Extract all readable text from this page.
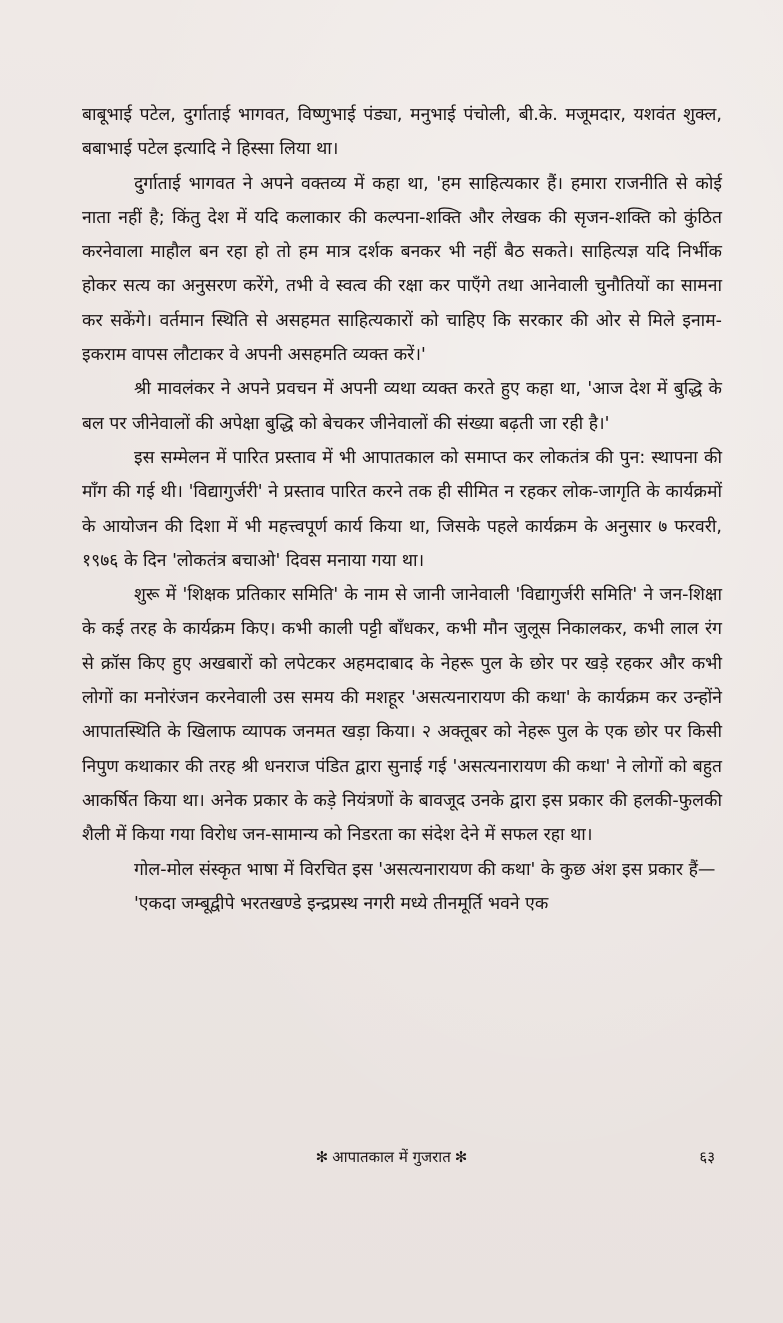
बाबूभाई पटेल, दुर्गाताई भागवत, विष्णुभाई पंड्या, मनुभाई पंचोली, बी.के. मजूमदार, यशवंत शुक्ल, बबाभाई पटेल इत्यादि ने हिस्सा लिया था।

दुर्गाताई भागवत ने अपने वक्तव्य में कहा था, 'हम साहित्यकार हैं। हमारा राजनीति से कोई नाता नहीं है; किंतु देश में यदि कलाकार की कल्पना-शक्ति और लेखक की सृजन-शक्ति को कुंठित करनेवाला माहौल बन रहा हो तो हम मात्र दर्शक बनकर भी नहीं बैठ सकते। साहित्यज्ञ यदि निर्भीक होकर सत्य का अनुसरण करेंगे, तभी वे स्वत्व की रक्षा कर पाएँगे तथा आनेवाली चुनौतियों का सामना कर सकेंगे। वर्तमान स्थिति से असहमत साहित्यकारों को चाहिए कि सरकार की ओर से मिले इनाम-इकराम वापस लौटाकर वे अपनी असहमति व्यक्त करें।'

श्री मावलंकर ने अपने प्रवचन में अपनी व्यथा व्यक्त करते हुए कहा था, 'आज देश में बुद्धि के बल पर जीनेवालों की अपेक्षा बुद्धि को बेचकर जीनेवालों की संख्या बढ़ती जा रही है।'

इस सम्मेलन में पारित प्रस्ताव में भी आपातकाल को समाप्त कर लोकतंत्र की पुन: स्थापना की माँग की गई थी। 'विद्यागुर्जरी' ने प्रस्ताव पारित करने तक ही सीमित न रहकर लोक-जागृति के कार्यक्रमों के आयोजन की दिशा में भी महत्त्वपूर्ण कार्य किया था, जिसके पहले कार्यक्रम के अनुसार ७ फरवरी, १९७६ के दिन 'लोकतंत्र बचाओ' दिवस मनाया गया था।

शुरू में 'शिक्षक प्रतिकार समिति' के नाम से जानी जानेवाली 'विद्यागुर्जरी समिति' ने जन-शिक्षा के कई तरह के कार्यक्रम किए। कभी काली पट्टी बाँधकर, कभी मौन जुलूस निकालकर, कभी लाल रंग से क्रॉस किए हुए अखबारों को लपेटकर अहमदाबाद के नेहरू पुल के छोर पर खड़े रहकर और कभी लोगों का मनोरंजन करनेवाली उस समय की मशहूर 'असत्यनारायण की कथा' के कार्यक्रम कर उन्होंने आपातस्थिति के खिलाफ व्यापक जनमत खड़ा किया। २ अक्तूबर को नेहरू पुल के एक छोर पर किसी निपुण कथाकार की तरह श्री धनराज पंडित द्वारा सुनाई गई 'असत्यनारायण की कथा' ने लोगों को बहुत आकर्षित किया था। अनेक प्रकार के कड़े नियंत्रणों के बावजूद उनके द्वारा इस प्रकार की हलकी-फुलकी शैली में किया गया विरोध जन-सामान्य को निडरता का संदेश देने में सफल रहा था।

गोल-मोल संस्कृत भाषा में विरचित इस 'असत्यनारायण की कथा' के कुछ अंश इस प्रकार हैं—

'एकदा जम्बूद्वीपे भरतखण्डे इन्द्रप्रस्थ नगरी मध्ये तीनमूर्ति भवने एक

✻ आपातकाल में गुजरात ✻	६३
